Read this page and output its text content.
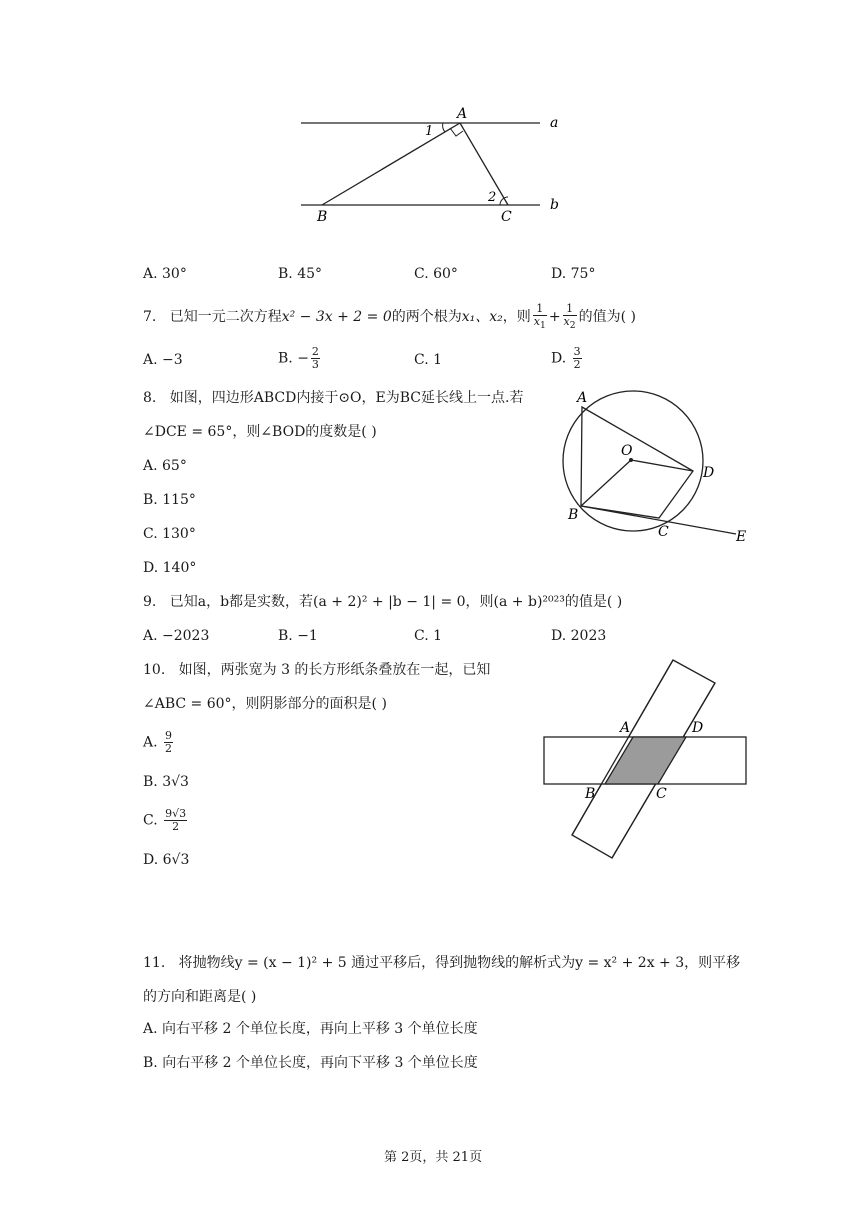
A
a
b
B	C
1
2
A. 30°	B. 45°	C. 60°	D. 75°
7. 已知一元二次方程x² − 3x + 2 = 0的两个根为x₁、x₂，则 $\frac{1}{x_1} + \frac{1}{x_2}$ 的值为( )
A. −3	B. − $\frac{2}{3}$	C. 1	D. $\frac{3}{2}$
8. 如图，四边形ABCD内接于⊙O，E为BC延长线上一点.若
∠DCE = 65°，则∠BOD的度数是( )
A. 65°
B. 115°
C. 130°
D. 140°
A
O
D
B
C	E
9. 已知a，b都是实数，若(a + 2)² + |b − 1| = 0，则(a + b)²⁰²³的值是( )
A. −2023	B. −1	C. 1	D. 2023
10. 如图，两张宽为 3 的长方形纸条叠放在一起，已知
∠ABC = 60°，则阴影部分的面积是( )
A. $\frac{9}{2}$
B. 3√3
C. $\frac{9√3}{2}$
D. 6√3
A	D
B	C
11. 将抛物线y = (x − 1)² + 5 通过平移后，得到抛物线的解析式为y = x² + 2x + 3，则平移
的方向和距离是( )
A. 向右平移 2 个单位长度，再向上平移 3 个单位长度
B. 向右平移 2 个单位长度，再向下平移 3 个单位长度
第 2页，共 21页
